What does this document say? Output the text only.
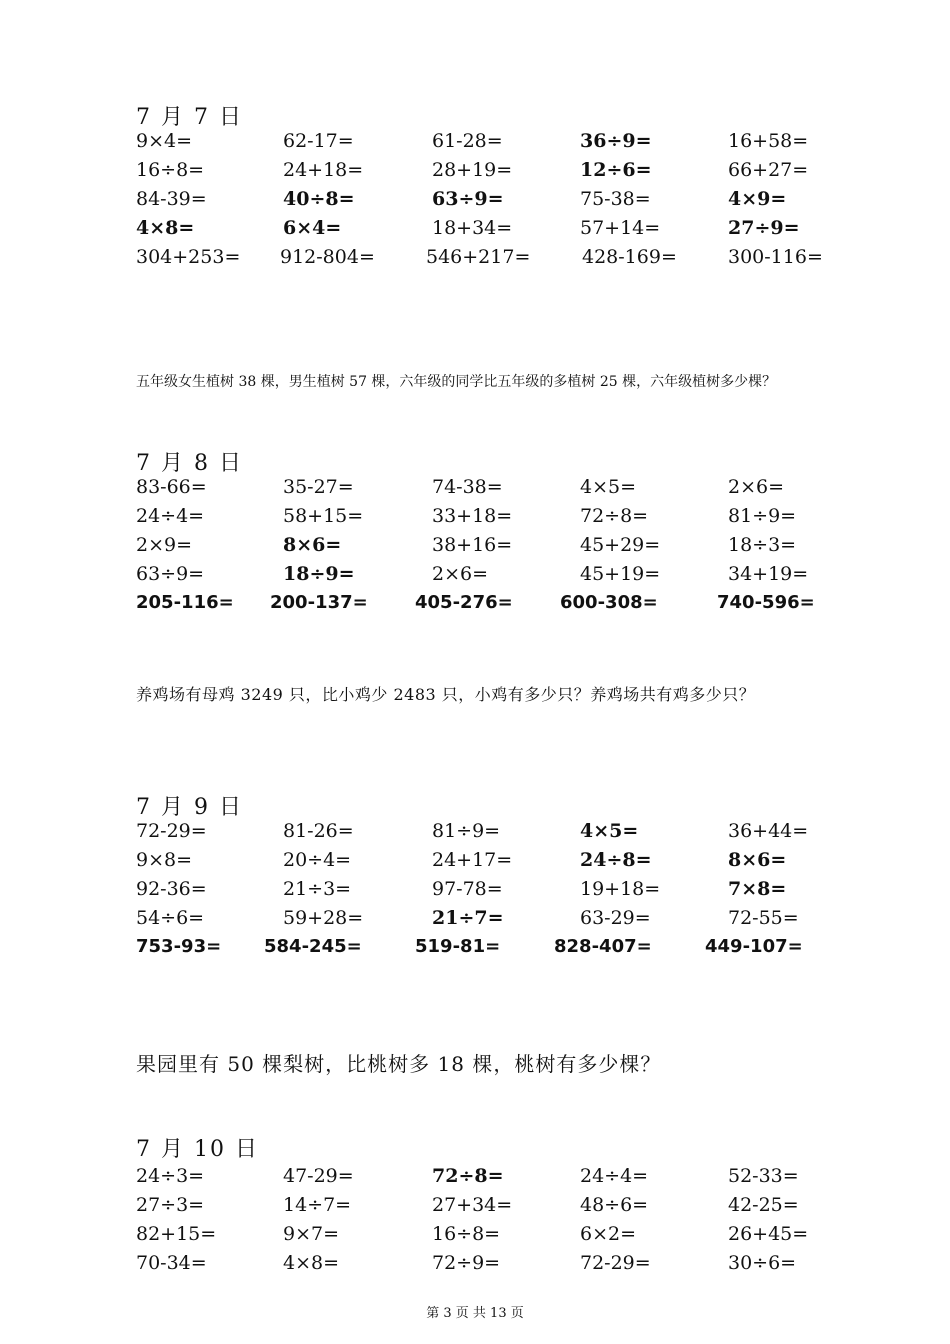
7 月 7 日
9×4=	62-17=	61-28=	36÷9=	16+58=
16÷8=	24+18=	28+19=	12÷6=	66+27=
84-39=	40÷8=	63÷9=	75-38=	4×9=
4×8=	6×4=	18+34=	57+14=	27÷9=
304+253= 912-804=	546+217=	428-169=	300-116=
五年级女生植树 38 棵，男生植树 57 棵，六年级的同学比五年级的多植树 25 棵，六年级植树多少棵？
7 月 8 日
83-66=	35-27=	74-38=	4×5=	2×6=
24÷4=	58+15=	33+18=	72÷8=	81÷9=
2×9=	8×6=	38+16=	45+29=	18÷3=
63÷9=	18÷9=	2×6=	45+19=	34+19=
205-116= 200-137=	405-276=	600-308=	740-596=
养鸡场有母鸡 3249 只，比小鸡少 2483 只，小鸡有多少只？养鸡场共有鸡多少只？
7 月 9 日
72-29=	81-26=	81÷9=	4×5=	36+44=
9×8=	20÷4=	24+17=	24÷8=	8×6=
92-36=	21÷3=	97-78=	19+18=	7×8=
54÷6=	59+28=	21÷7=	63-29=	72-55=
753-93= 584-245=	519-81=	828-407=	449-107=
果园里有 50 棵梨树，比桃树多 18 棵，桃树有多少棵？
7 月 10 日
24÷3=	47-29=	72÷8=	24÷4=	52-33=
27÷3=	14÷7=	27+34=	48÷6=	42-25=
82+15=	9×7=	16÷8=	6×2=	26+45=
70-34=	4×8=	72÷9=	72-29=	30÷6=
第 3 页 共 13 页
